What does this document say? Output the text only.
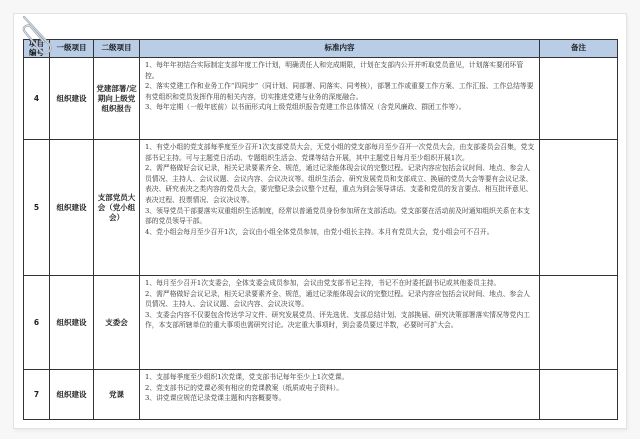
项目编号	一级项目	二级项目	标准内容	备注
4	组织建设	党建部署/定期向上级党组织报告	1、每年年初结合实际制定支部年度工作计划，明确责任人和完成期限，计划在支部内公开并听取党员意见，计划落实要闭环管控。
2、落实党建工作和业务工作“四同步”（同计划、同部署、同落实、同考核），部署工作或重要工作方案、工作汇报、工作总结等要有党组织和党员发挥作用的相关内容，切实推进党建与业务的深度融合。
3、每年定期（一般年底前）以书面形式向上级党组织报告党建工作总体情况（含党风廉政、群团工作等）。	

5	组织建设	支部党员大会（党小组会）	1、有党小组的党支部每季度至少召开1次支部党员大会，无党小组的党支部每月至少召开一次党员大会，由支部委员会召集，党支部书记主持。可与主题党日活动、专题组织生活会、党课等结合开展，其中主题党日每月至少组织开展1次。
2、需严格做好会议记录，相关记录要素齐全、规范，通过记录能体现会议的完整过程。记录内容应包括会议时间、地点、参会人员情况、主持人、会议议题、会议内容、会议决议等。组织生活会、研究发展党员和支部成立、换届的党员大会等要有会议记录、表决、研究表决之类内容的党员大会，要完整记录会议整个过程，重点为到会领导讲话、支委和党员的发言要点、相互批评意见、表决过程、投票情况、会议决议等。
3、领导党员干部要落实双重组织生活制度，经常以普通党员身份参加所在支部活动。党支部要在活动前及时通知组织关系在本支部的党员领导干部。
4、党小组会每月至少召开1次，会议由小组全体党员参加，由党小组长主持。本月有党员大会，党小组会可不召开。	

6	组织建设	支委会	1、每月至少召开1次支委会，全体支委会成员参加，会议由党支部书记主持，书记不在时委托副书记或其他委员主持。
2、需严格做好会议记录，相关记录要素齐全、规范，通过记录能体现会议的完整过程。记录内容应包括会议时间、地点、参会人员情况、主持人、会议议题、会议内容、会议决议等。
3、支委会内容不仅要包含传达学习文件、研究发展党员、评先选优、支部总结计划、支部换届、研究决策部署落实情况等党内工作，本支部所辖单位的重大事项也需研究讨论。决定重大事项时，到会委员要过半数，必要时可扩大会。	

7	组织建设	党课	1、支部每季度至少组织1次党课，党支部书记每年至少上1次党课。
2、党支部书记的党课必须有相应的党课教案（纸质或电子资料）。
3、讲党课应规范记录党课主题和内容概要等。	
